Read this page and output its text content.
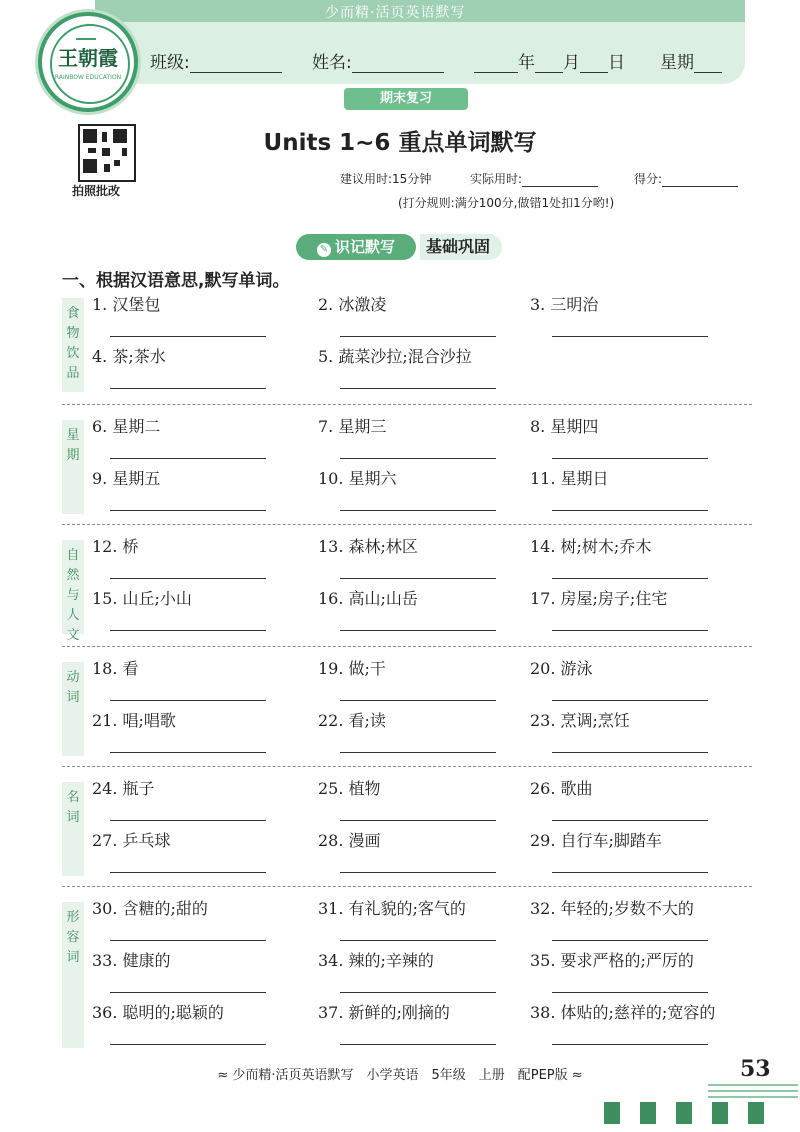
少而精·活页英语默写
王朝霞
RAINBOW EDUCATION
班级:	姓名:	年 月 日 星期
期末复习
拍照批改
Units 1~6 重点单词默写
建议用时:15分钟	实际用时:	得分:
(打分规则:满分100分,做错1处扣1分哟!)
✎ 识记默写	基础巩固
一、根据汉语意思,默写单词。
食物饮品
1. 汉堡包	2. 冰激凌	3. 三明治
4. 茶;茶水	5. 蔬菜沙拉;混合沙拉
星期
6. 星期二	7. 星期三	8. 星期四
9. 星期五	10. 星期六	11. 星期日
自然与人文
12. 桥	13. 森林;林区	14. 树;树木;乔木
15. 山丘;小山	16. 高山;山岳	17. 房屋;房子;住宅
动词
18. 看	19. 做;干	20. 游泳
21. 唱;唱歌	22. 看;读	23. 烹调;烹饪
名词
24. 瓶子	25. 植物	26. 歌曲
27. 乒乓球	28. 漫画	29. 自行车;脚踏车
形容词
30. 含糖的;甜的	31. 有礼貌的;客气的	32. 年轻的;岁数不大的
33. 健康的	34. 辣的;辛辣的	35. 要求严格的;严厉的
36. 聪明的;聪颖的	37. 新鲜的;刚摘的	38. 体贴的;慈祥的;宽容的
≈ 少而精·活页英语默写　小学英语　5年级　上册　配PEP版 ≈	53
